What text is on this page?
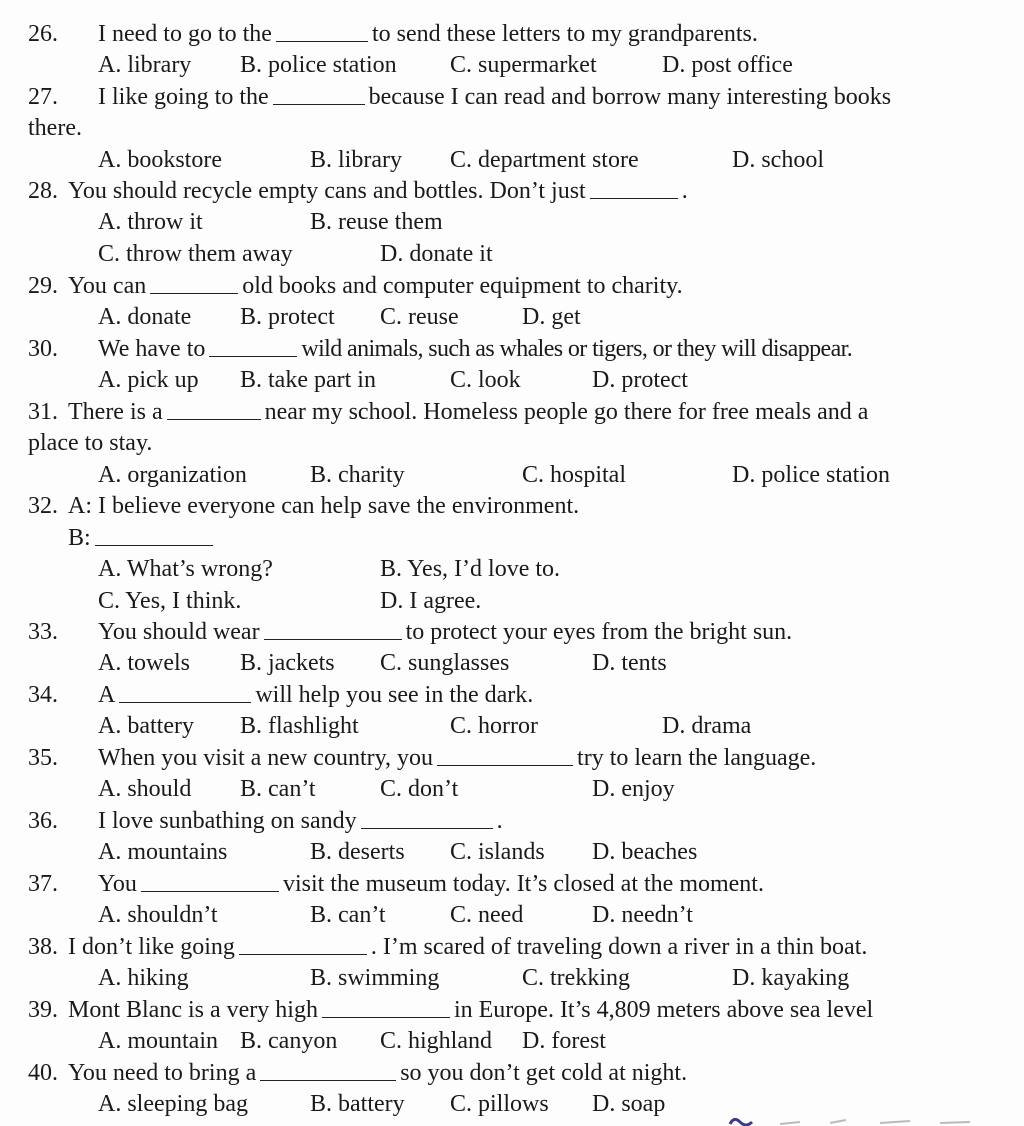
26. I need to go to the	to send these letters to my grandparents.
A. library B. police station C. supermarket	D. post office
27. I like going to the	because I can read and borrow many interesting books
there.
A. bookstore	B. library C. department store	D. school
28. You should recycle empty cans and bottles. Don’t just	.
A. throw it	B. reuse them
C. throw them away	D. donate it
29. You can	old books and computer equipment to charity.
A. donate B. protect C. reuse	D. get
30. We have to	wild animals, such as whales or tigers, or they will disappear.
A. pick up B. take part in	C. look	D. protect
31. There is a	near my school. Homeless people go there for free meals and a
place to stay.
A. organization	B. charity	C. hospital	D. police station
32. A: I believe everyone can help save the environment.
B:
A. What’s wrong?	B. Yes, I’d love to.
C. Yes, I think.	D. I agree.
33. You should wear	to protect your eyes from the bright sun.
A. towels B. jackets C. sunglasses	D. tents
34. A	will help you see in the dark.
A. battery B. flashlight	C. horror	D. drama
35. When you visit a new country, you	try to learn the language.
A. should B. can’t	C. don’t	D. enjoy
36. I love sunbathing on sandy	.
A. mountains	B. deserts C. islands D. beaches
37. You	visit the museum today. It’s closed at the moment.
A. shouldn’t	B. can’t	C. need	D. needn’t
38. I don’t like going	. I’m scared of traveling down a river in a thin boat.
A. hiking	B. swimming	C. trekking	D. kayaking
39. Mont Blanc is a very high	in Europe. It’s 4,809 meters above sea level
A. mountain B. canyon C. highland D. forest
40. You need to bring a	so you don’t get cold at night.
A. sleeping bag	B. battery C. pillows D. soap
